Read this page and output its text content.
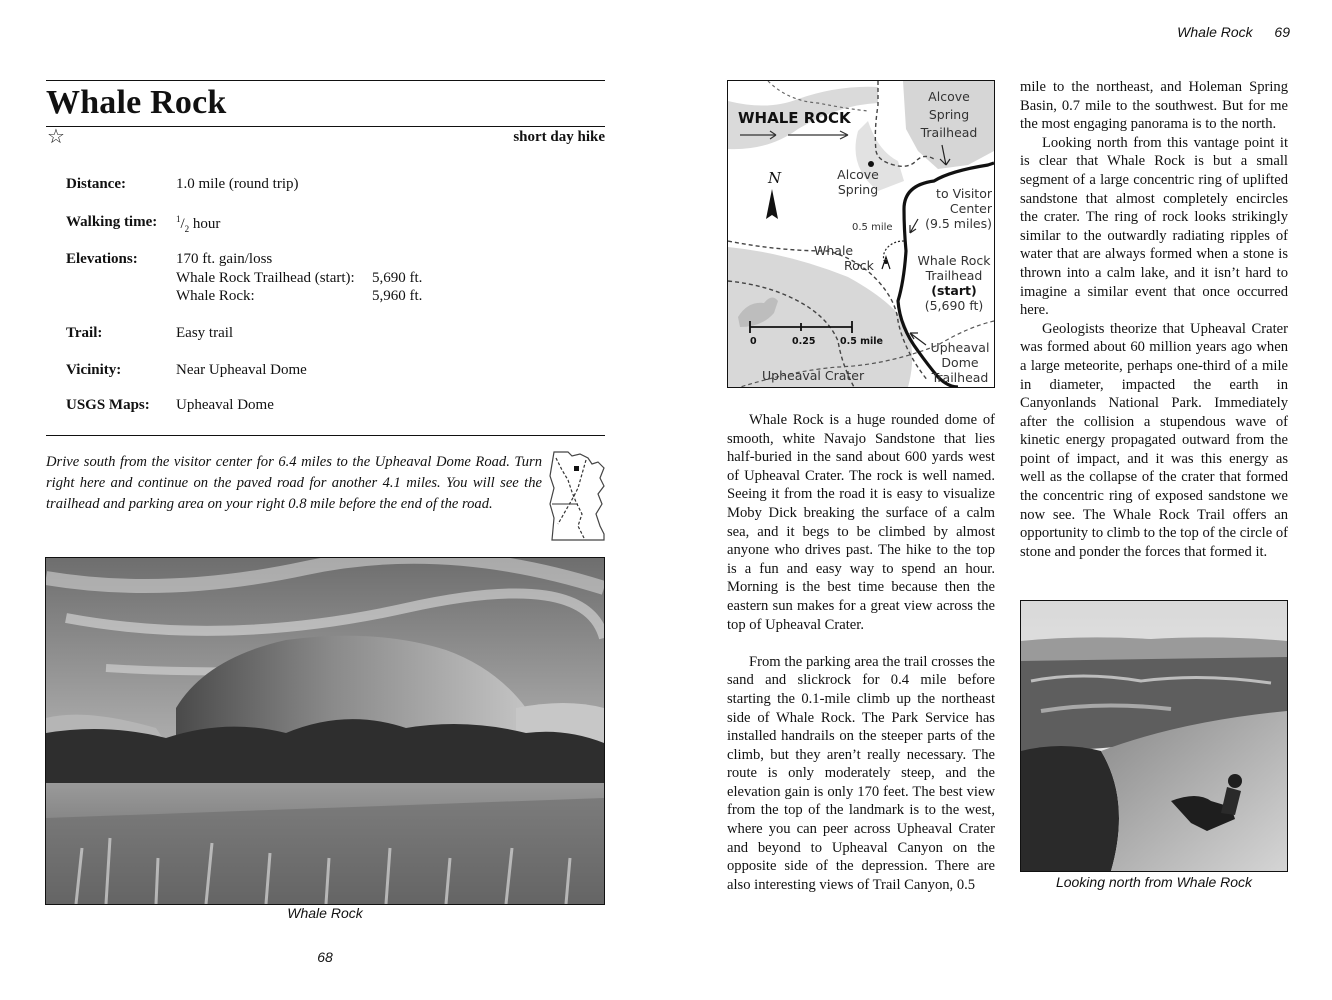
Whale Rock 69
Whale Rock
☆	short day hike
Distance:	1.0 mile (round trip)
Walking time: $^1/_2$ hour
Elevations:	170 ft. gain/loss
Whale Rock Trailhead (start): 5,690 ft.
Whale Rock:	5,960 ft.
Trail:	Easy trail
Vicinity:	Near Upheaval Dome
USGS Maps: Upheaval Dome
Drive south from the visitor center for 6.4 miles to the Upheaval Dome Road. Turn right here and continue on the paved road for another 4.1 miles. You will see the trailhead and parking area on your right 0.8 mile before the end of the road.
Whale Rock
68
WHALE ROCK
N
Alcove
Spring
Trailhead
Alcove
Spring	to Visitor
Center
(9.5 miles)
0.5 mile
Whale
Rock	Whale Rock
Trailhead
(start)
(5,690 ft)
Upheaval
Dome
Trailhead
Upheaval Crater
0	0.25	0.5 mile

Whale Rock is a huge rounded dome of smooth, white Navajo Sandstone that lies half-buried in the sand about 600 yards west of Upheaval Crater. The rock is well named. Seeing it from the road it is easy to visualize Moby Dick breaking the surface of a calm sea, and it begs to be climbed by almost anyone who drives past. The hike to the top is a fun and easy way to spend an hour. Morning is the best time because then the eastern sun makes for a great view across the top of Upheaval Crater.

From the parking area the trail crosses the sand and slickrock for 0.4 mile before starting the 0.1-mile climb up the northeast side of Whale Rock. The Park Service has installed handrails on the steeper parts of the climb, but they aren’t really necessary. The route is only moderately steep, and the elevation gain is only 170 feet. The best view from the top of the landmark is to the west, where you can peer across Upheaval Crater and beyond to Upheaval Canyon on the opposite side of the depression. There are also interesting views of Trail Canyon, 0.5

mile to the northeast, and Holeman Spring Basin, 0.7 mile to the southwest. But for me the most engaging panorama is to the north.

Looking north from this vantage point it is clear that Whale Rock is but a small segment of a large concentric ring of uplifted sandstone that almost completely encircles the crater. The ring of rock looks strikingly similar to the outwardly radiating ripples of water that are always formed when a stone is thrown into a calm lake, and it isn’t hard to imagine a similar event that once occurred here.

Geologists theorize that Upheaval Crater was formed about 60 million years ago when a large meteorite, perhaps one-third of a mile in diameter, impacted the earth in Canyonlands National Park. Immediately after the collision a stupendous wave of kinetic energy propagated outward from the point of impact, and it was this energy as well as the collapse of the crater that formed the concentric ring of exposed sandstone we now see. The Whale Rock Trail offers an opportunity to climb to the top of the circle of stone and ponder the forces that formed it.

Looking north from Whale Rock
